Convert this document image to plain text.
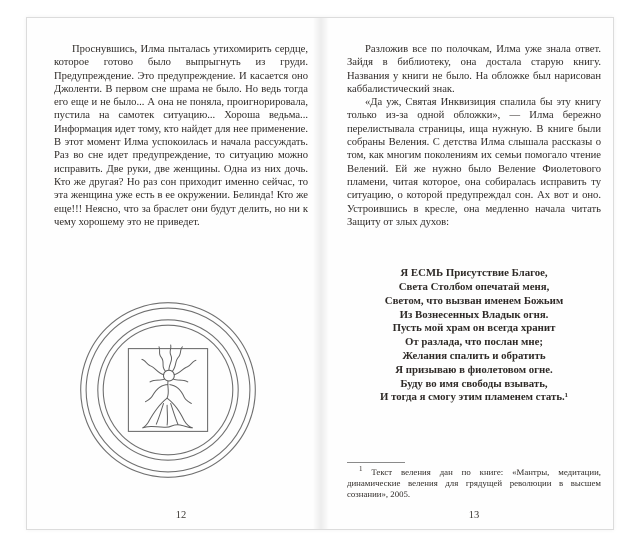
Проснувшись, Илма пыталась утихомирить сердце, которое готово было выпрыгнуть из груди. Предупреждение. Это предупреждение. И касается оно Джоленти. В первом сне шрама не было. Но ведь тогда его еще и не было... А она не поняла, проигнорировала, пустила на самотек ситуацию... Хороша ведьма... Информация идет тому, кто найдет для нее применение. В этот момент Илма успокоилась и начала рассуждать. Раз во сне идет предупреждение, то ситуацию можно исправить. Две руки, две женщины. Одна из них дочь. Кто же другая? Но раз сон приходит именно сейчас, то эта женщина уже есть в ее окружении. Белинда! Кто же еще!!! Неясно, что за браслет они будут делить, но ни к чему хорошему это не приведет.

12

Разложив все по полочкам, Илма уже знала ответ. Зайдя в библиотеку, она достала старую книгу. Названия у книги не было. На обложке был нарисован каббалистический знак.

«Да уж, Святая Инквизиция спалила бы эту книгу только из-за одной обложки», — Илма бережно перелистывала страницы, ища нужную. В книге были собраны Веления. С детства Илма слышала рассказы о том, как многим поколениям их семьи помогало чтение Велений. Ей же нужно было Веление Фиолетового пламени, читая которое, она собиралась исправить ту ситуацию, о которой предупреждал сон. Ах вот и оно. Устроившись в кресле, она медленно начала читать Защиту от злых духов:

Я ЕСМЬ Присутствие Благое,
Света Столбом опечатай меня,
Светом, что вызван именем Божьим
Из Вознесенных Владык огня.
Пусть мой храм он всегда хранит
От разлада, что послан мне;
Желания спалить и обратить
Я призываю в фиолетовом огне.
Буду во имя свободы взывать,
И тогда я смогу этим пламенем стать.¹

$^1$ Текст веления дан по книге: «Мантры, медитации, динамические веления для грядущей революции в высшем сознании», 2005.

13
